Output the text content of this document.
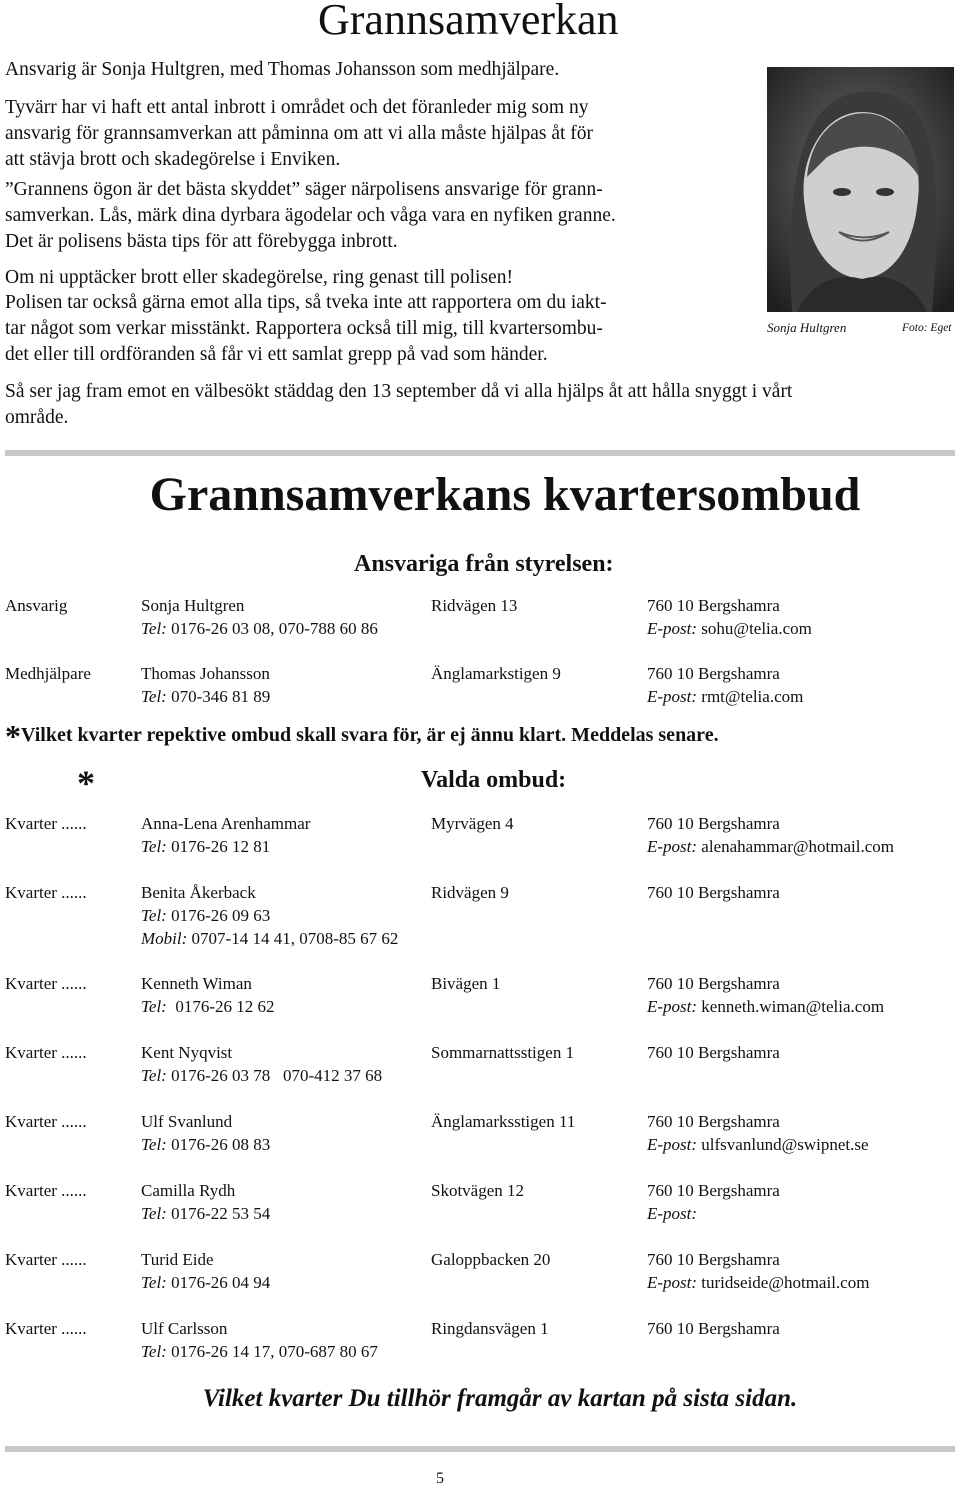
Grannsamverkan
Ansvarig är Sonja Hultgren, med Thomas Johansson som medhjälpare.
Tyvärr har vi haft ett antal inbrott i området och det föranleder mig som ny
ansvarig för grannsamverkan att påminna om att vi alla måste hjälpas åt för
att stävja brott och skadegörelse i Enviken.
”Grannens ögon är det bästa skyddet” säger närpolisens ansvarige för grann-
samverkan. Lås, märk dina dyrbara ägodelar och våga vara en nyfiken granne.
Det är polisens bästa tips för att förebygga inbrott.
Om ni upptäcker brott eller skadegörelse, ring genast till polisen!
Polisen tar också gärna emot alla tips, så tveka inte att rapportera om du iakt-
tar något som verkar misstänkt. Rapportera också till mig, till kvartersombu-
det eller till ordföranden så får vi ett samlat grepp på vad som händer.
Så ser jag fram emot en välbesökt städdag den 13 september då vi alla hjälps åt att hålla snyggt i vårt
område.
Sonja Hultgren	Foto: Eget
Grannsamverkans kvartersombud
Ansvariga från styrelsen:
Ansvarig	Sonja Hultgren	Ridvägen 13	760 10 Bergshamra
Tel: 0176-26 03 08, 070-788 60 86	E-post: sohu@telia.com
Medhjälpare	Thomas Johansson	Änglamarkstigen 9	760 10 Bergshamra
Tel: 070-346 81 89	E-post: rmt@telia.com
*Vilket kvarter repektive ombud skall svara för, är ej ännu klart. Meddelas senare.
*	Valda ombud:
Kvarter ......	Anna-Lena Arenhammar	Myrvägen 4	760 10 Bergshamra
Tel: 0176-26 12 81	E-post: alenahammar@hotmail.com
Kvarter ......	Benita Åkerback	Ridvägen 9	760 10 Bergshamra
Tel: 0176-26 09 63
Mobil: 0707-14 14 41, 0708-85 67 62
Kvarter ......	Kenneth Wiman	Bivägen 1	760 10 Bergshamra
Tel:  0176-26 12 62	E-post: kenneth.wiman@telia.com
Kvarter ......	Kent Nyqvist	Sommarnattsstigen 1	760 10 Bergshamra
Tel: 0176-26 03 78   070-412 37 68
Kvarter ......	Ulf Svanlund	Änglamarksstigen 11	760 10 Bergshamra
Tel: 0176-26 08 83	E-post: ulfsvanlund@swipnet.se
Kvarter ......	Camilla Rydh	Skotvägen 12	760 10 Bergshamra
Tel: 0176-22 53 54	E-post:
Kvarter ......	Turid Eide	Galoppbacken 20	760 10 Bergshamra
Tel: 0176-26 04 94	E-post: turidseide@hotmail.com
Kvarter ......	Ulf Carlsson	Ringdansvägen 1	760 10 Bergshamra
Tel: 0176-26 14 17, 070-687 80 67
Vilket kvarter Du tillhör framgår av kartan på sista sidan.
5
